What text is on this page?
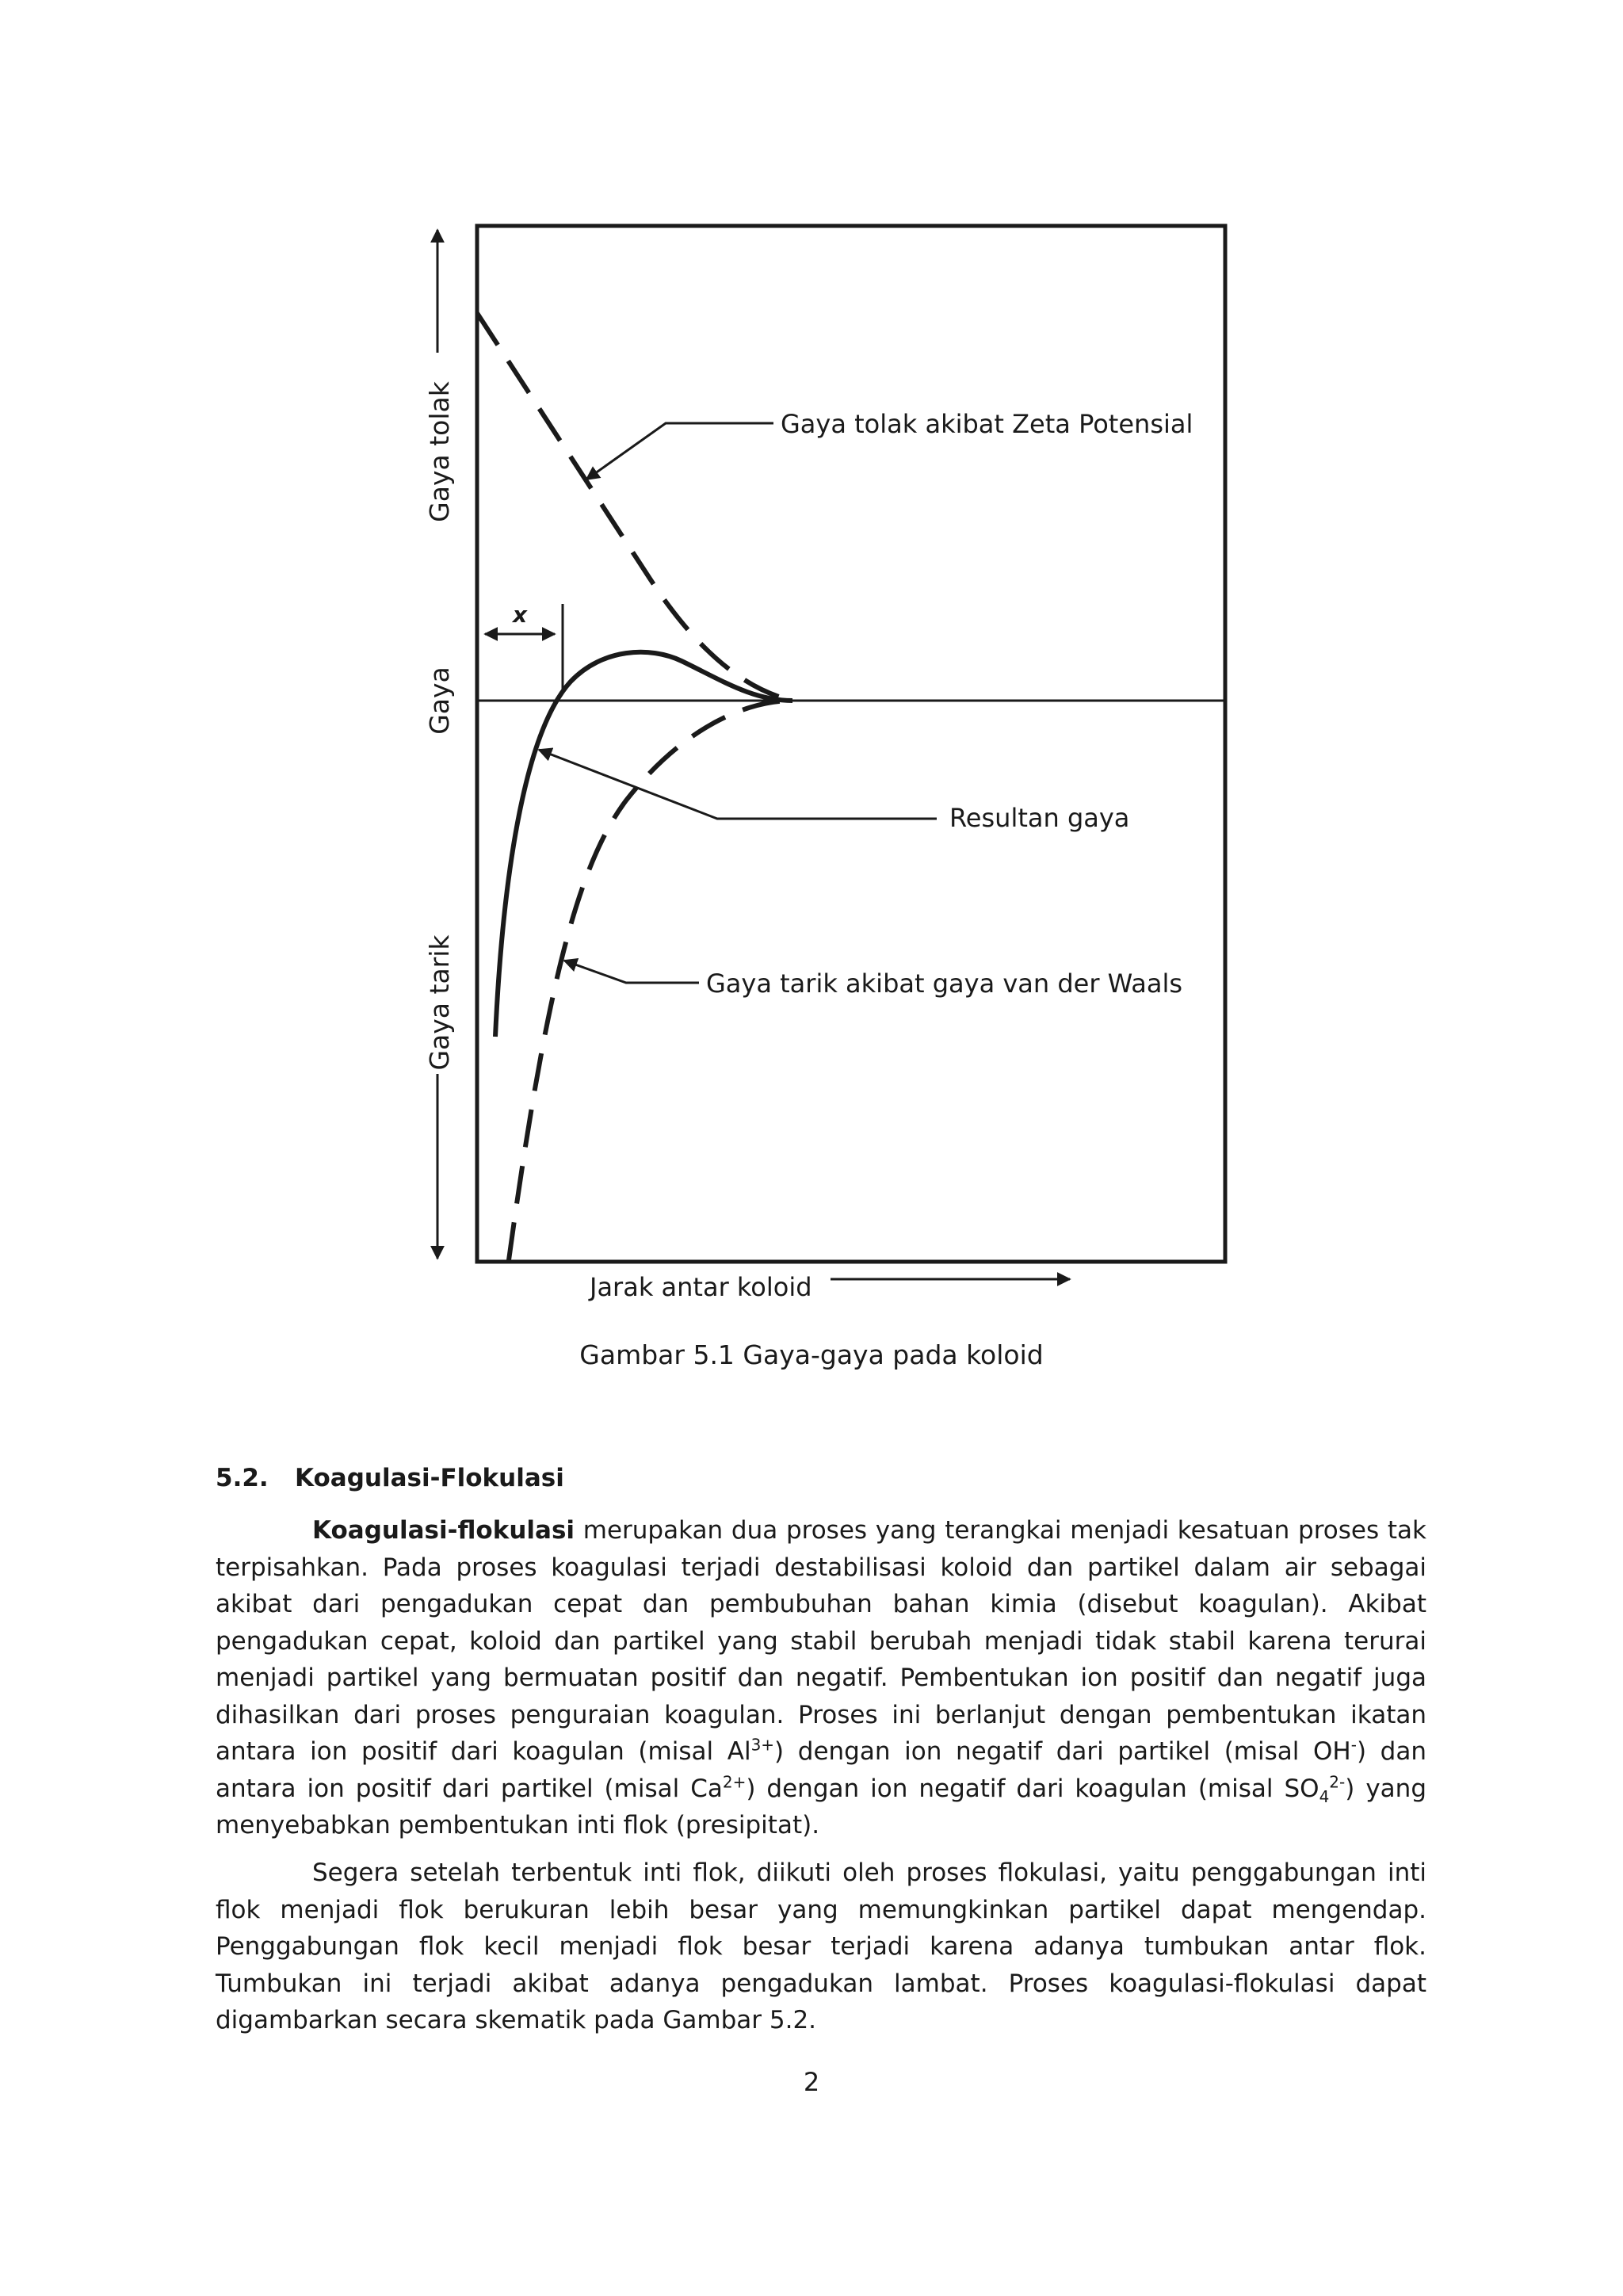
Gaya tolak
Gaya
Gaya tarik
x
Gaya tolak akibat Zeta Potensial
Resultan gaya
Gaya tarik akibat gaya van der Waals
Jarak antar koloid
Gambar 5.1 Gaya-gaya pada koloid
5.2. Koagulasi-Flokulasi

Koagulasi-flokulasi merupakan dua proses yang terangkai menjadi kesatuan proses tak terpisahkan. Pada proses koagulasi terjadi destabilisasi koloid dan partikel dalam air sebagai akibat dari pengadukan cepat dan pembubuhan bahan kimia (disebut koagulan). Akibat pengadukan cepat, koloid dan partikel yang stabil berubah menjadi tidak stabil karena terurai menjadi partikel yang bermuatan positif dan negatif. Pembentukan ion positif dan negatif juga dihasilkan dari proses penguraian koagulan. Proses ini berlanjut dengan pembentukan ikatan antara ion positif dari koagulan (misal $Al^{3+}$) dengan ion negatif dari partikel (misal OH-) dan antara ion positif dari partikel (misal $Ca^{2+}$) dengan ion negatif dari koagulan (misal $SO_4^{2-}$) yang menyebabkan pembentukan inti flok (presipitat).

Segera setelah terbentuk inti flok, diikuti oleh proses flokulasi, yaitu penggabungan inti flok menjadi flok berukuran lebih besar yang memungkinkan partikel dapat mengendap. Penggabungan flok kecil menjadi flok besar terjadi karena adanya tumbukan antar flok. Tumbukan ini terjadi akibat adanya pengadukan lambat. Proses koagulasi-flokulasi dapat digambarkan secara skematik pada Gambar 5.2.

2
